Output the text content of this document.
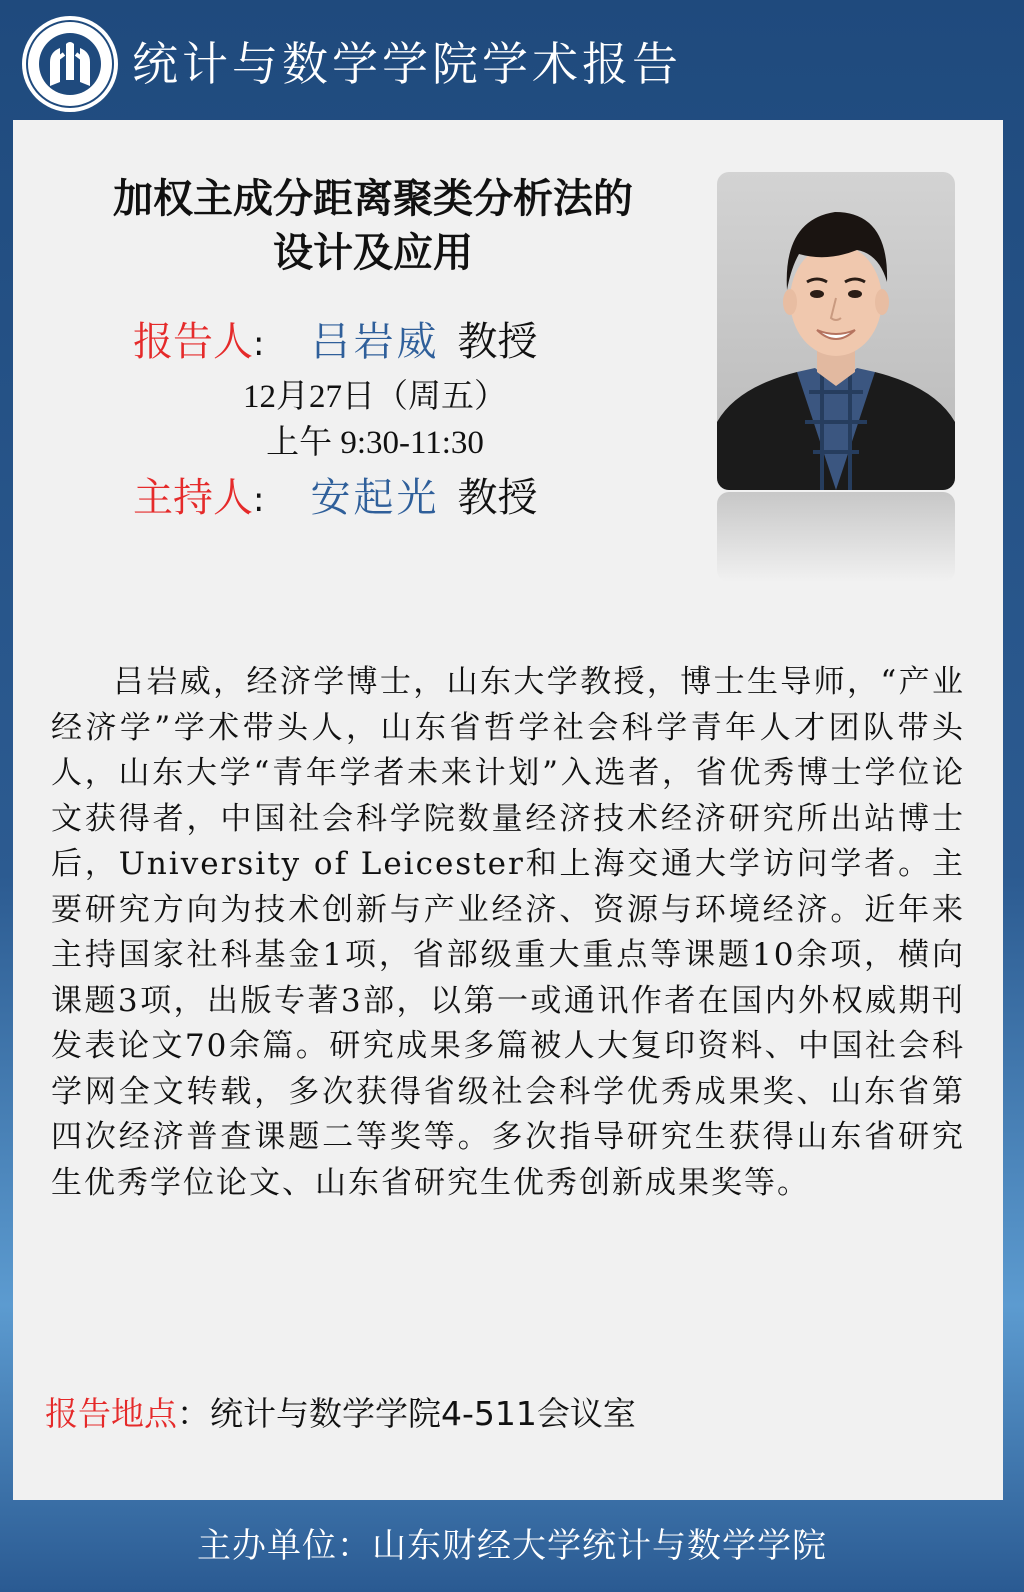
统计与数学学院学术报告
加权主成分距离聚类分析法的
设计及应用
报告人: 吕岩威 教授
12月27日（周五）
上午 9:30-11:30
主持人: 安起光 教授

吕岩威，经济学博士，山东大学教授，博士生导师，“产业经济学”学术带头人，山东省哲学社会科学青年人才团队带头人，山东大学“青年学者未来计划”入选者，省优秀博士学位论文获得者，中国社会科学院数量经济技术经济研究所出站博士后，University of Leicester和上海交通大学访问学者。主要研究方向为技术创新与产业经济、资源与环境经济。近年来主持国家社科基金1项，省部级重大重点等课题10余项，横向课题3项，出版专著3部，以第一或通讯作者在国内外权威期刊发表论文70余篇。研究成果多篇被人大复印资料、中国社会科学网全文转载，多次获得省级社会科学优秀成果奖、山东省第四次经济普查课题二等奖等。多次指导研究生获得山东省研究生优秀学位论文、山东省研究生优秀创新成果奖等。

报告地点：统计与数学学院4-511会议室
主办单位：山东财经大学统计与数学学院
